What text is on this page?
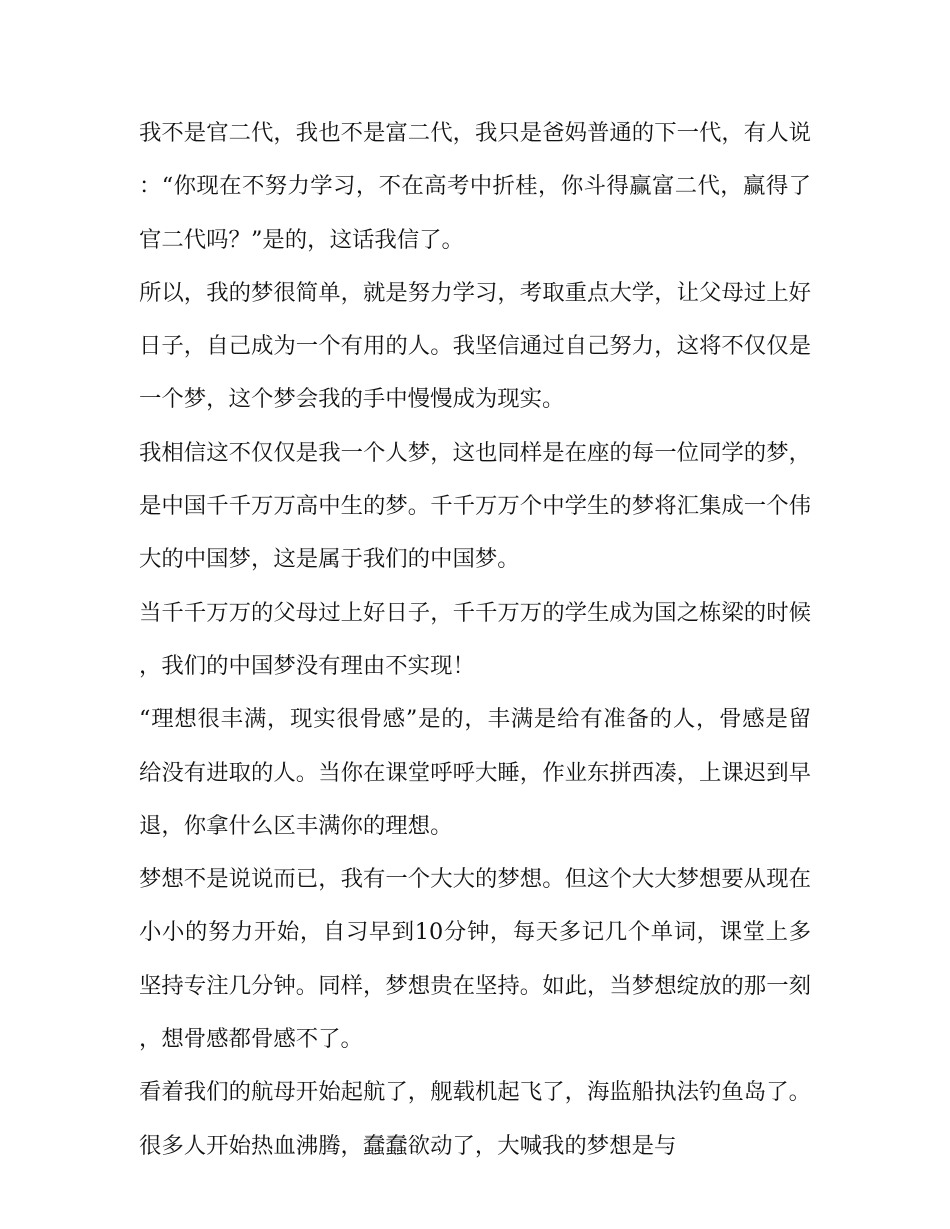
我不是官二代，我也不是富二代，我只是爸妈普通的下一代，有人说：“你现在不努力学习，不在高考中折桂，你斗得赢富二代，赢得了官二代吗？”是的，这话我信了。

所以，我的梦很简单，就是努力学习，考取重点大学，让父母过上好日子，自己成为一个有用的人。我坚信通过自己努力，这将不仅仅是一个梦，这个梦会我的手中慢慢成为现实。

我相信这不仅仅是我一个人梦，这也同样是在座的每一位同学的梦，是中国千千万万高中生的梦。千千万万个中学生的梦将汇集成一个伟大的中国梦，这是属于我们的中国梦。

当千千万万的父母过上好日子，千千万万的学生成为国之栋梁的时候，我们的中国梦没有理由不实现！

“理想很丰满，现实很骨感”是的，丰满是给有准备的人，骨感是留给没有进取的人。当你在课堂呼呼大睡，作业东拼西凑，上课迟到早退，你拿什么区丰满你的理想。

梦想不是说说而已，我有一个大大的梦想。但这个大大梦想要从现在小小的努力开始，自习早到10分钟，每天多记几个单词，课堂上多坚持专注几分钟。同样，梦想贵在坚持。如此，当梦想绽放的那一刻，想骨感都骨感不了。

看着我们的航母开始起航了，舰载机起飞了，海监船执法钓鱼岛了。很多人开始热血沸腾，蠢蠢欲动了，大喊我的梦想是与
